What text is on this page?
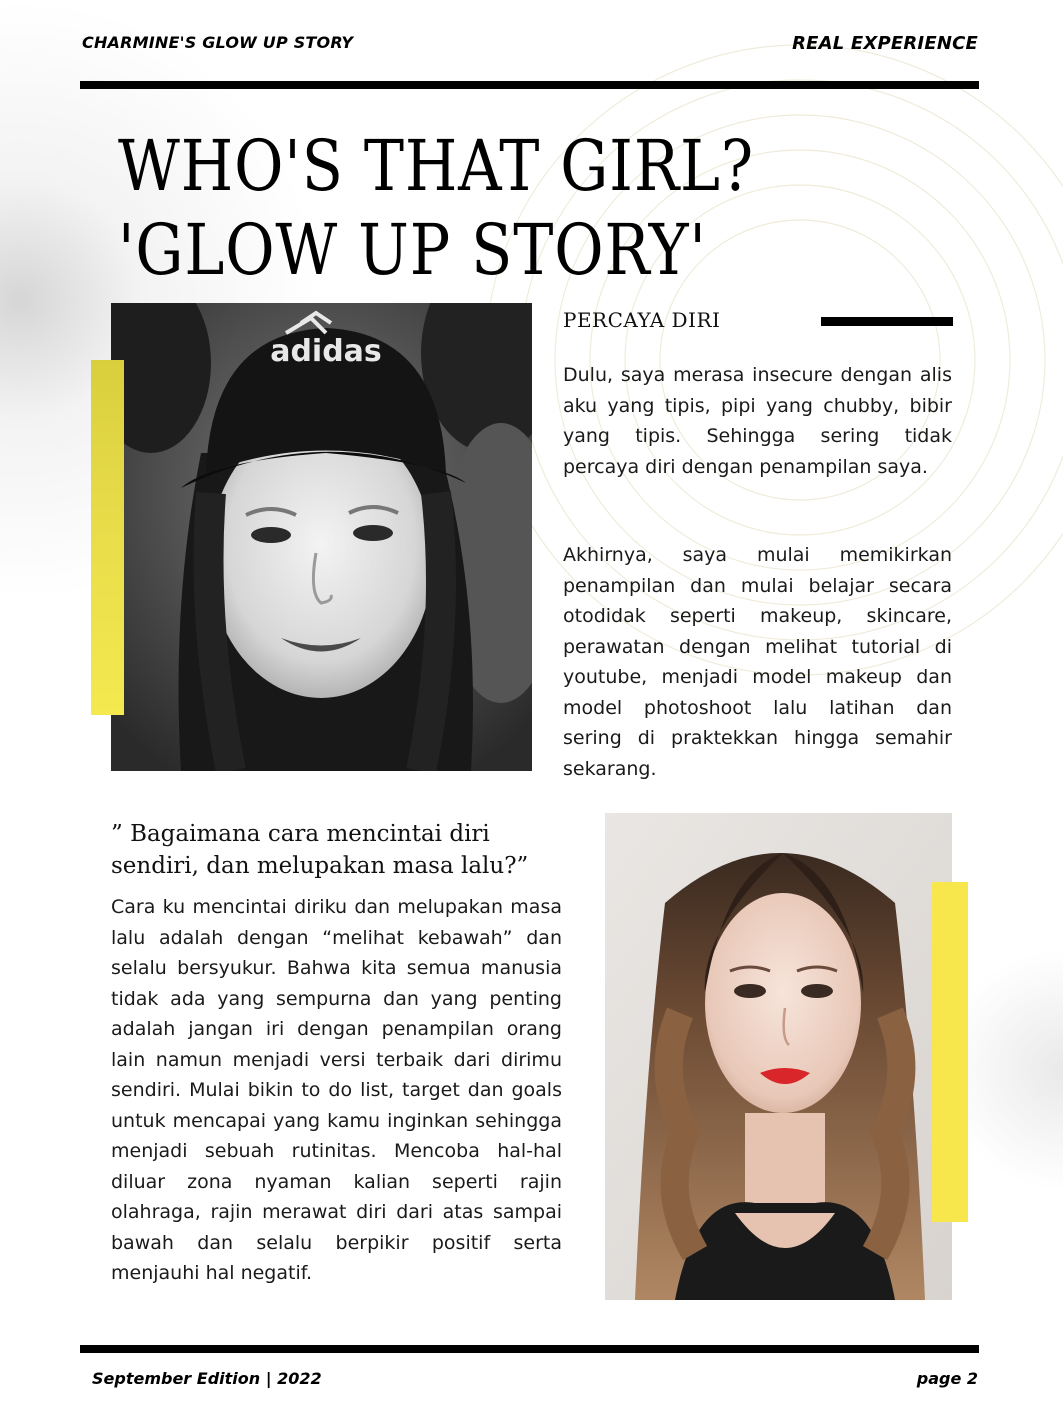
CHARMINE'S GLOW UP STORY	REAL EXPERIENCE
WHO'S THAT GIRL?
'GLOW UP STORY'
adidas
PERCAYA DIRI
Dulu, saya merasa insecure dengan alis aku yang tipis, pipi yang chubby, bibir yang tipis. Sehingga sering tidak percaya diri dengan penampilan saya.
Akhirnya, saya mulai memikirkan penampilan dan mulai belajar secara otodidak seperti makeup, skincare, perawatan dengan melihat tutorial di youtube, menjadi model makeup dan model photoshoot lalu latihan dan sering di praktekkan hingga semahir sekarang.
” Bagaimana cara mencintai diri sendiri, dan melupakan masa lalu?”
Cara ku mencintai diriku dan melupakan masa lalu adalah dengan “melihat kebawah” dan selalu bersyukur. Bahwa kita semua manusia tidak ada yang sempurna dan yang penting adalah jangan iri dengan penampilan orang lain namun menjadi versi terbaik dari dirimu sendiri. Mulai bikin to do list, target dan goals untuk mencapai yang kamu inginkan sehingga menjadi sebuah rutinitas. Mencoba hal-hal diluar zona nyaman kalian seperti rajin olahraga, rajin merawat diri dari atas sampai bawah dan selalu berpikir positif serta menjauhi hal negatif.
September Edition | 2022	page 2
